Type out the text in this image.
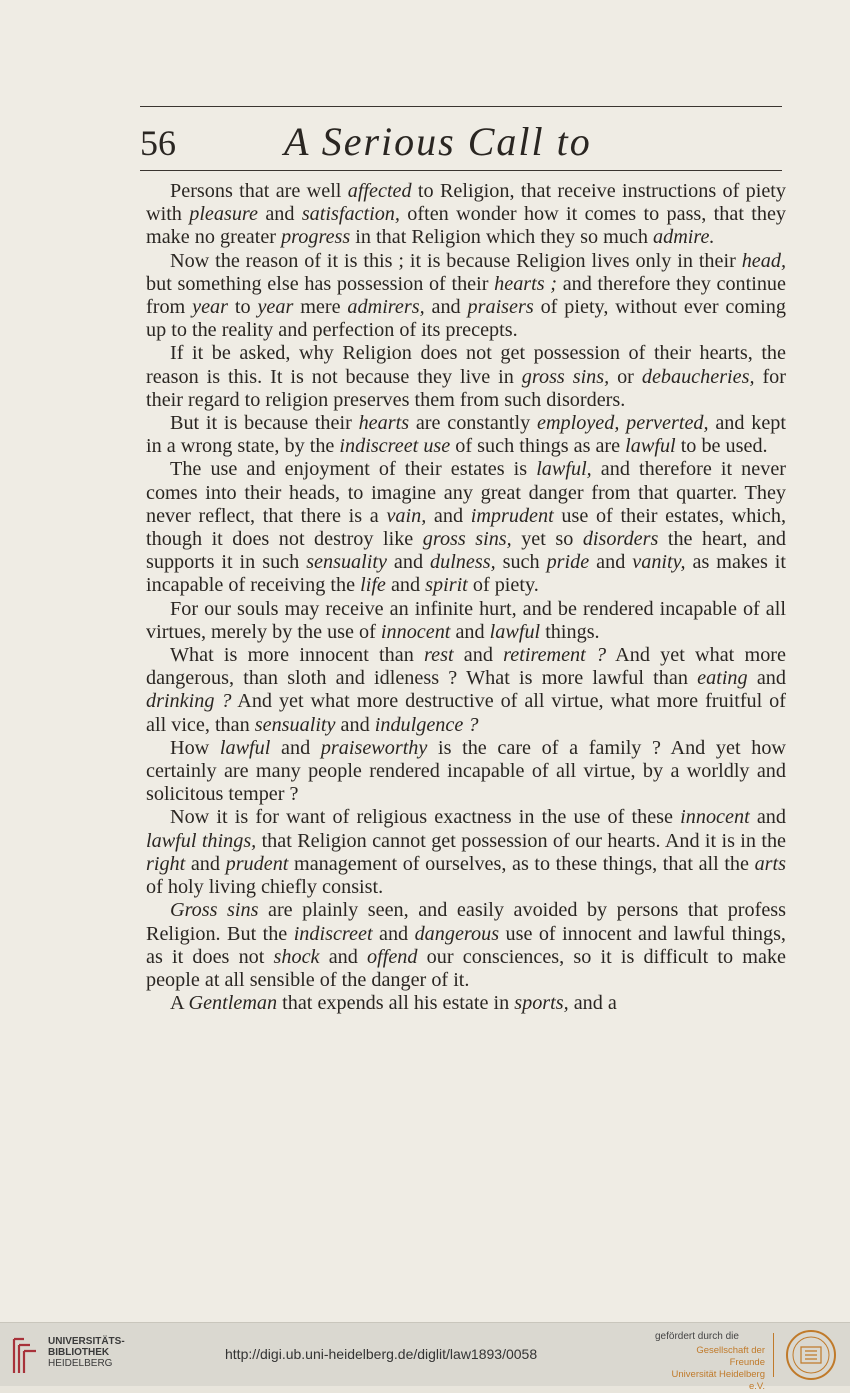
56	A Serious Call to

Persons that are well affected to Religion, that receive instructions of piety with pleasure and satisfaction, often wonder how it comes to pass, that they make no greater progress in that Religion which they so much admire.

Now the reason of it is this ; it is because Religion lives only in their head, but something else has possession of their hearts ; and therefore they continue from year to year mere admirers, and praisers of piety, without ever coming up to the reality and perfection of its precepts.

If it be asked, why Religion does not get possession of their hearts, the reason is this. It is not because they live in gross sins, or debaucheries, for their regard to religion preserves them from such disorders.

But it is because their hearts are constantly employed, perverted, and kept in a wrong state, by the indiscreet use of such things as are lawful to be used.

The use and enjoyment of their estates is lawful, and therefore it never comes into their heads, to imagine any great danger from that quarter. They never reflect, that there is a vain, and imprudent use of their estates, which, though it does not destroy like gross sins, yet so disorders the heart, and supports it in such sensuality and dulness, such pride and vanity, as makes it incapable of receiving the life and spirit of piety.

For our souls may receive an infinite hurt, and be rendered incapable of all virtues, merely by the use of innocent and lawful things.

What is more innocent than rest and retirement ? And yet what more dangerous, than sloth and idleness ? What is more lawful than eating and drinking ? And yet what more destructive of all virtue, what more fruitful of all vice, than sensuality and indulgence ?

How lawful and praiseworthy is the care of a family ? And yet how certainly are many people rendered incapable of all virtue, by a worldly and solicitous temper ?

Now it is for want of religious exactness in the use of these innocent and lawful things, that Religion cannot get possession of our hearts. And it is in the right and prudent management of ourselves, as to these things, that all the arts of holy living chiefly consist.

Gross sins are plainly seen, and easily avoided by persons that profess Religion. But the indiscreet and dangerous use of innocent and lawful things, as it does not shock and offend our consciences, so it is difficult to make people at all sensible of the danger of it.

A Gentleman that expends all his estate in sports, and a

UNIVERSITÄTS-
BIBLIOTHEK
HEIDELBERG
http://digi.ub.uni-heidelberg.de/diglit/law1893/0058
gefördert durch die
Gesellschaft der Freunde
Universität Heidelberg e.V.
